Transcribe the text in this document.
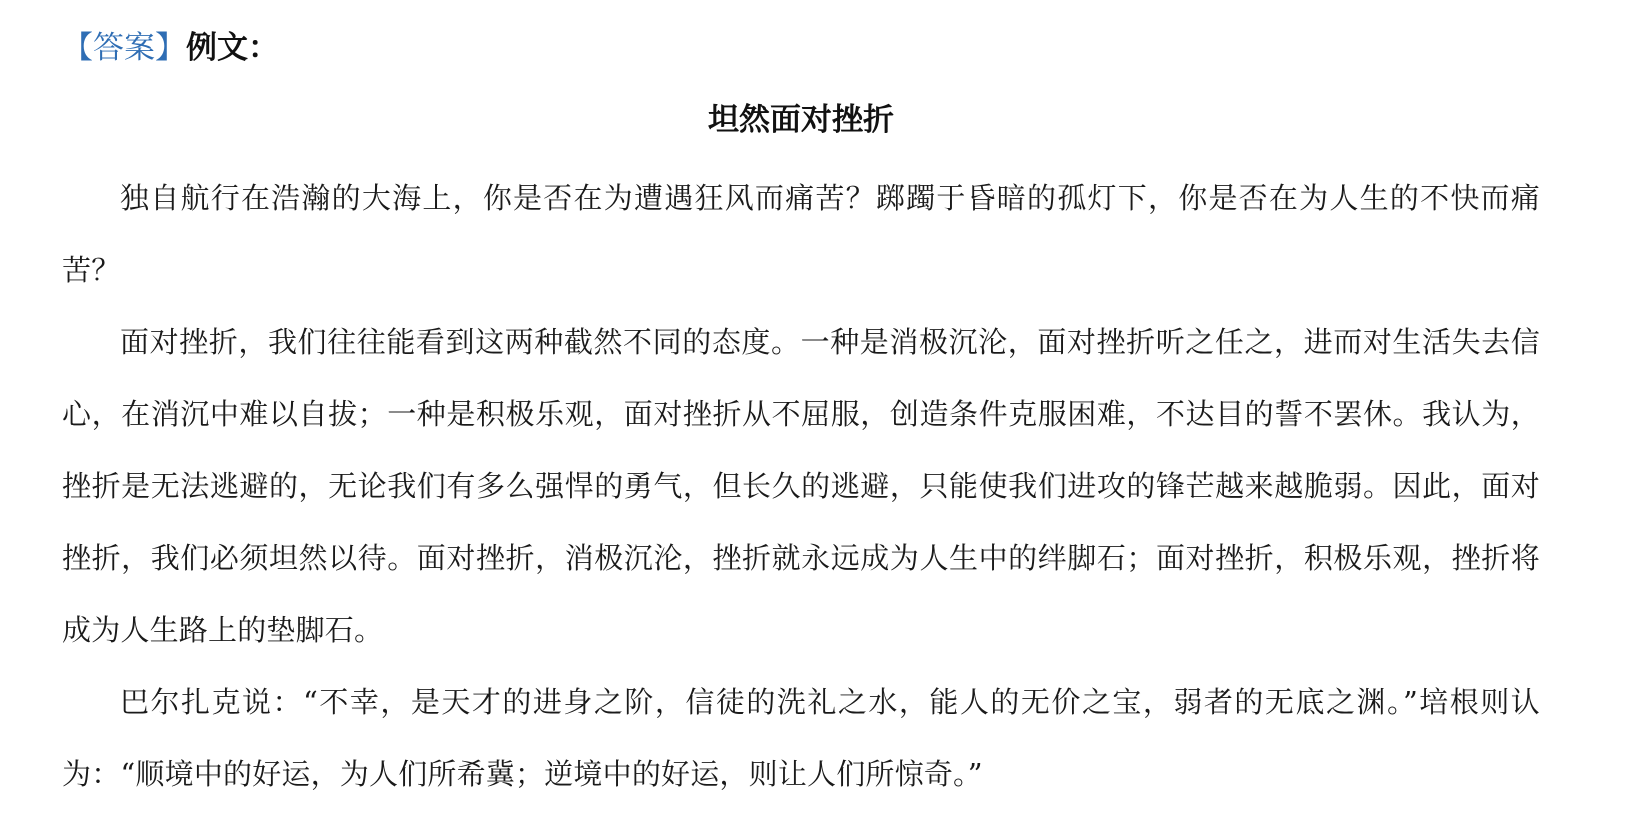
【答案】例文：
坦然面对挫折

独自航行在浩瀚的大海上，你是否在为遭遇狂风而痛苦？踯躅于昏暗的孤灯下，你是否在为人生的不快而痛苦？

面对挫折，我们往往能看到这两种截然不同的态度。一种是消极沉沦，面对挫折听之任之，进而对生活失去信心，在消沉中难以自拔；一种是积极乐观，面对挫折从不屈服，创造条件克服困难，不达目的誓不罢休。我认为，挫折是无法逃避的，无论我们有多么强悍的勇气，但长久的逃避，只能使我们进攻的锋芒越来越脆弱。因此，面对挫折，我们必须坦然以待。面对挫折，消极沉沦，挫折就永远成为人生中的绊脚石；面对挫折，积极乐观，挫折将成为人生路上的垫脚石。

巴尔扎克说：“不幸，是天才的进身之阶，信徒的洗礼之水，能人的无价之宝，弱者的无底之渊。”培根则认为：“顺境中的好运，为人们所希冀；逆境中的好运，则让人们所惊奇。”
